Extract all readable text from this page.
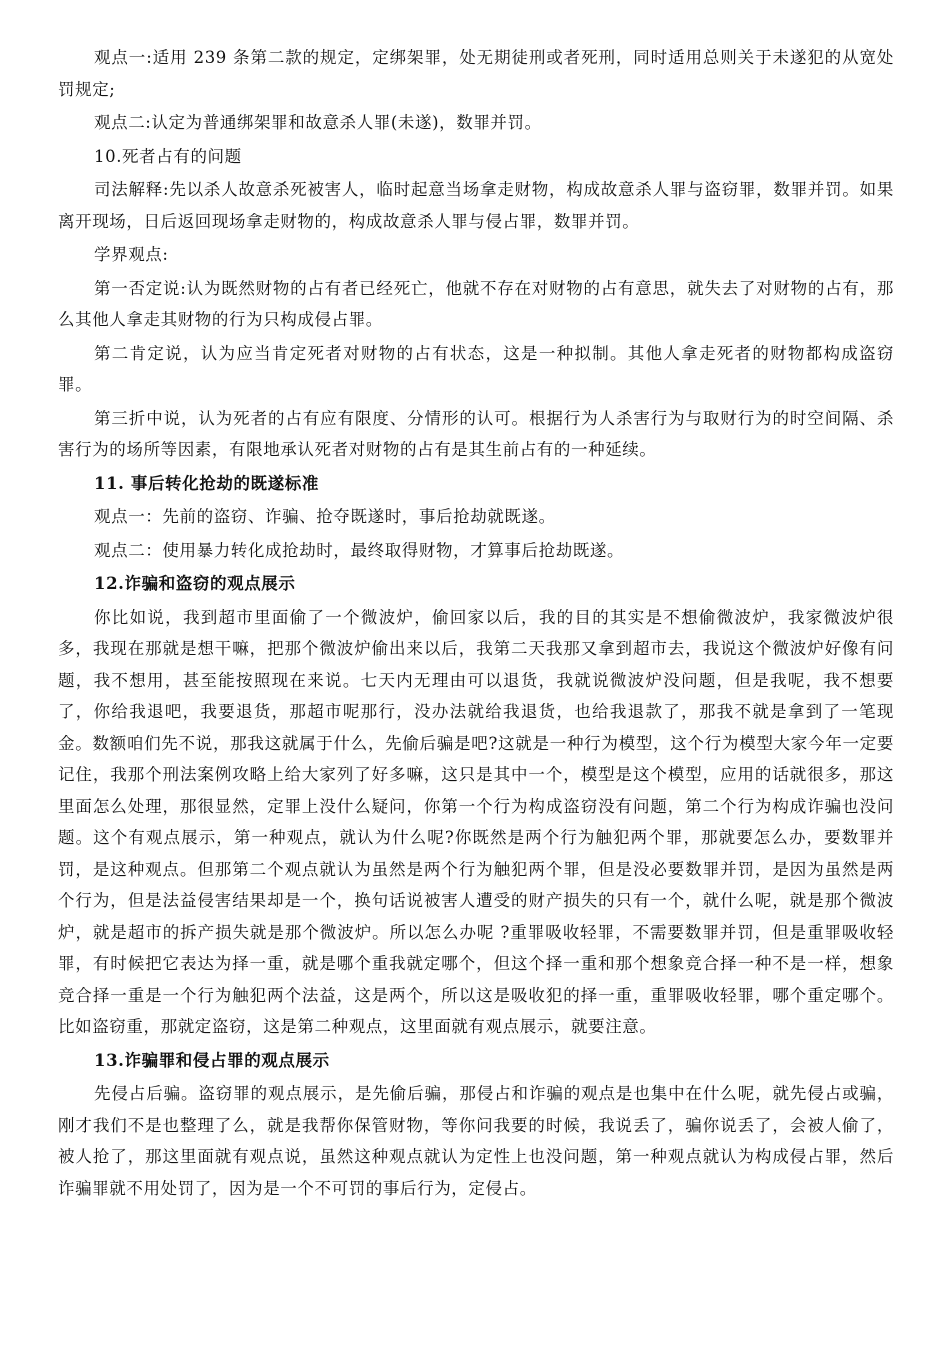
观点一:适用 239 条第二款的规定，定绑架罪，处无期徒刑或者死刑，同时适用总则关于未遂犯的从宽处罚规定;

观点二:认定为普通绑架罪和故意杀人罪(未遂)，数罪并罚。

10.死者占有的问题

司法解释:先以杀人故意杀死被害人，临时起意当场拿走财物，构成故意杀人罪与盗窃罪，数罪并罚。如果离开现场，日后返回现场拿走财物的，构成故意杀人罪与侵占罪，数罪并罚。

学界观点:

第一否定说:认为既然财物的占有者已经死亡，他就不存在对财物的占有意思，就失去了对财物的占有，那么其他人拿走其财物的行为只构成侵占罪。

第二肯定说，认为应当肯定死者对财物的占有状态，这是一种拟制。其他人拿走死者的财物都构成盗窃罪。

第三折中说，认为死者的占有应有限度、分情形的认可。根据行为人杀害行为与取财行为的时空间隔、杀害行为的场所等因素，有限地承认死者对财物的占有是其生前占有的一种延续。

11. 事后转化抢劫的既遂标准

观点一：先前的盗窃、诈骗、抢夺既遂时，事后抢劫就既遂。

观点二：使用暴力转化成抢劫时，最终取得财物，才算事后抢劫既遂。

12.诈骗和盗窃的观点展示

你比如说，我到超市里面偷了一个微波炉，偷回家以后，我的目的其实是不想偷微波炉，我家微波炉很多，我现在那就是想干嘛，把那个微波炉偷出来以后，我第二天我那又拿到超市去，我说这个微波炉好像有问题，我不想用，甚至能按照现在来说。七天内无理由可以退货，我就说微波炉没问题，但是我呢，我不想要了，你给我退吧，我要退货，那超市呢那行，没办法就给我退货，也给我退款了，那我不就是拿到了一笔现金。数额咱们先不说，那我这就属于什么，先偷后骗是吧?这就是一种行为模型，这个行为模型大家今年一定要记住，我那个刑法案例攻略上给大家列了好多嘛，这只是其中一个，模型是这个模型，应用的话就很多，那这里面怎么处理，那很显然，定罪上没什么疑问，你第一个行为构成盗窃没有问题，第二个行为构成诈骗也没问题。这个有观点展示，第一种观点，就认为什么呢?你既然是两个行为触犯两个罪，那就要怎么办，要数罪并罚，是这种观点。但那第二个观点就认为虽然是两个行为触犯两个罪，但是没必要数罪并罚，是因为虽然是两个行为，但是法益侵害结果却是一个，换句话说被害人遭受的财产损失的只有一个，就什么呢，就是那个微波炉，就是超市的拆产损失就是那个微波炉。所以怎么办呢 ?重罪吸收轻罪，不需要数罪并罚，但是重罪吸收轻罪，有时候把它表达为择一重，就是哪个重我就定哪个，但这个择一重和那个想象竞合择一种不是一样，想象竞合择一重是一个行为触犯两个法益，这是两个，所以这是吸收犯的择一重，重罪吸收轻罪，哪个重定哪个。比如盗窃重，那就定盗窃，这是第二种观点，这里面就有观点展示，就要注意。

13.诈骗罪和侵占罪的观点展示

先侵占后骗。盗窃罪的观点展示，是先偷后骗，那侵占和诈骗的观点是也集中在什么呢，就先侵占或骗，刚才我们不是也整理了么，就是我帮你保管财物，等你问我要的时候，我说丢了，骗你说丢了，会被人偷了，被人抢了，那这里面就有观点说，虽然这种观点就认为定性上也没问题，第一种观点就认为构成侵占罪，然后诈骗罪就不用处罚了，因为是一个不可罚的事后行为，定侵占。
